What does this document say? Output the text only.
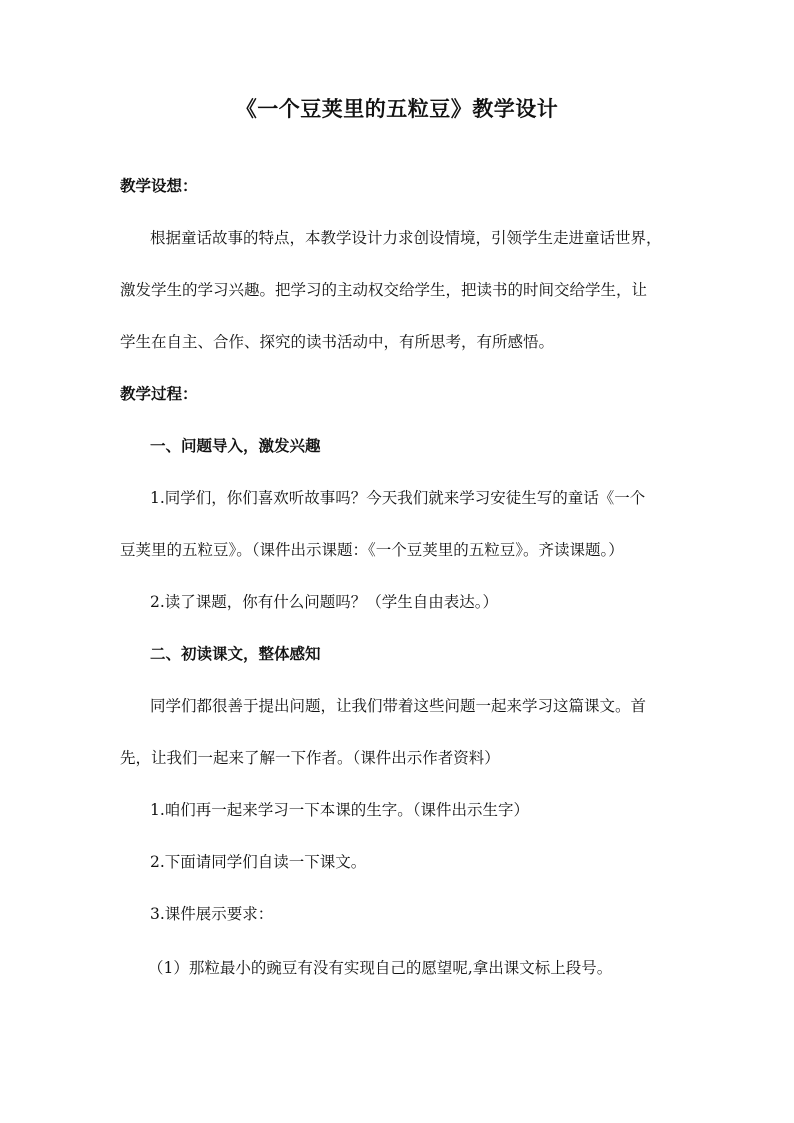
《一个豆荚里的五粒豆》教学设计
教学设想：
根据童话故事的特点，本教学设计力求创设情境，引领学生走进童话世界，
激发学生的学习兴趣。把学习的主动权交给学生，把读书的时间交给学生，让
学生在自主、合作、探究的读书活动中，有所思考，有所感悟。
教学过程：
一、问题导入，激发兴趣
1.同学们，你们喜欢听故事吗？今天我们就来学习安徒生写的童话《一个
豆荚里的五粒豆》。（课件出示课题：《一个豆荚里的五粒豆》。齐读课题。）
2.读了课题，你有什么问题吗？（学生自由表达。）
二、初读课文，整体感知
同学们都很善于提出问题，让我们带着这些问题一起来学习这篇课文。首
先，让我们一起来了解一下作者。（课件出示作者资料）
1.咱们再一起来学习一下本课的生字。（课件出示生字）
2.下面请同学们自读一下课文。
3.课件展示要求：
（1）那粒最小的豌豆有没有实现自己的愿望呢,拿出课文标上段号。
